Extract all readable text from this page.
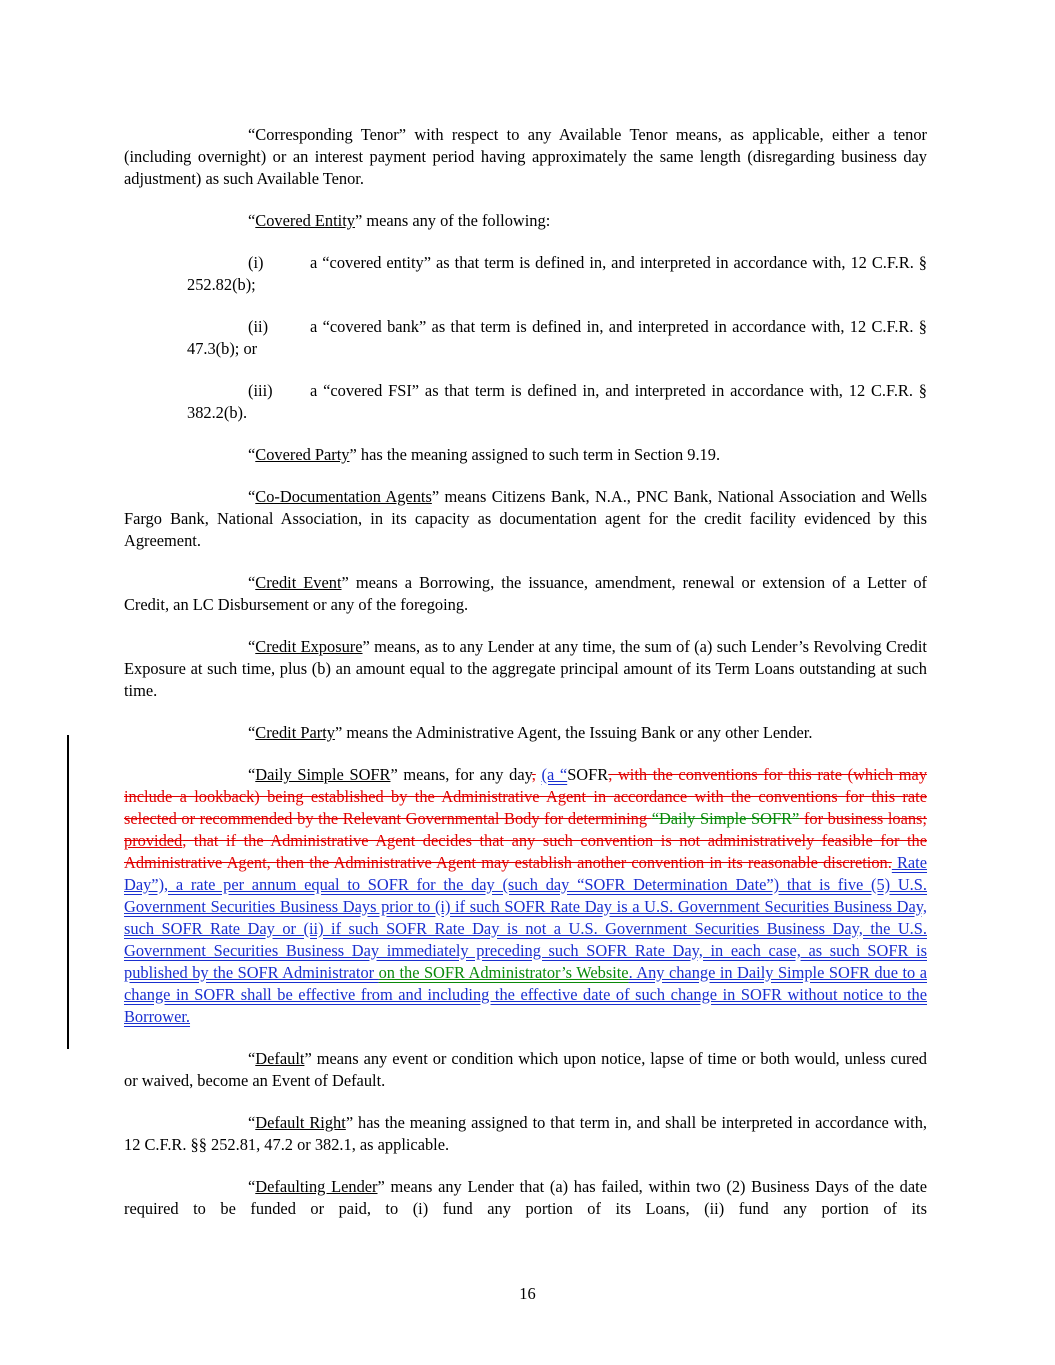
“Corresponding Tenor” with respect to any Available Tenor means, as applicable, either a tenor (including overnight) or an interest payment period having approximately the same length (disregarding business day adjustment) as such Available Tenor.

“Covered Entity” means any of the following:

(i)	a “covered entity” as that term is defined in, and interpreted in accordance with, 12 C.F.R. § 252.82(b);

(ii)	a “covered bank” as that term is defined in, and interpreted in accordance with, 12 C.F.R. § 47.3(b); or

(iii) a “covered FSI” as that term is defined in, and interpreted in accordance with, 12 C.F.R. § 382.2(b).

“Covered Party” has the meaning assigned to such term in Section 9.19.

“Co-Documentation Agents” means Citizens Bank, N.A., PNC Bank, National Association and Wells Fargo Bank, National Association, in its capacity as documentation agent for the credit facility evidenced by this Agreement.

“Credit Event” means a Borrowing, the issuance, amendment, renewal or extension of a Letter of Credit, an LC Disbursement or any of the foregoing.

“Credit Exposure” means, as to any Lender at any time, the sum of (a) such Lender’s Revolving Credit Exposure at such time, plus (b) an amount equal to the aggregate principal amount of its Term Loans outstanding at such time.

“Credit Party” means the Administrative Agent, the Issuing Bank or any other Lender.

“Daily Simple SOFR” means, for any day, (a “SOFR, with the conventions for this rate (which may include a lookback) being established by the Administrative Agent in accordance with the conventions for this rate selected or recommended by the Relevant Governmental Body for determining “Daily Simple SOFR” for business loans; provided, that if the Administrative Agent decides that any such convention is not administratively feasible for the Administrative Agent, then the Administrative Agent may establish another convention in its reasonable discretion. Rate Day”), a rate per annum equal to SOFR for the day (such day “SOFR Determination Date”) that is five (5) U.S. Government Securities Business Days prior to (i) if such SOFR Rate Day is a U.S. Government Securities Business Day, such SOFR Rate Day or (ii) if such SOFR Rate Day is not a U.S. Government Securities Business Day, the U.S. Government Securities Business Day immediately preceding such SOFR Rate Day, in each case, as such SOFR is published by the SOFR Administrator on the SOFR Administrator’s Website. Any change in Daily Simple SOFR due to a change in SOFR shall be effective from and including the effective date of such change in SOFR without notice to the Borrower.

“Default” means any event or condition which upon notice, lapse of time or both would, unless cured or waived, become an Event of Default.

“Default Right” has the meaning assigned to that term in, and shall be interpreted in accordance with, 12 C.F.R. §§ 252.81, 47.2 or 382.1, as applicable.

“Defaulting Lender” means any Lender that (a) has failed, within two (2) Business Days of the date required to be funded or paid, to (i) fund any portion of its Loans, (ii) fund any portion of its

16
